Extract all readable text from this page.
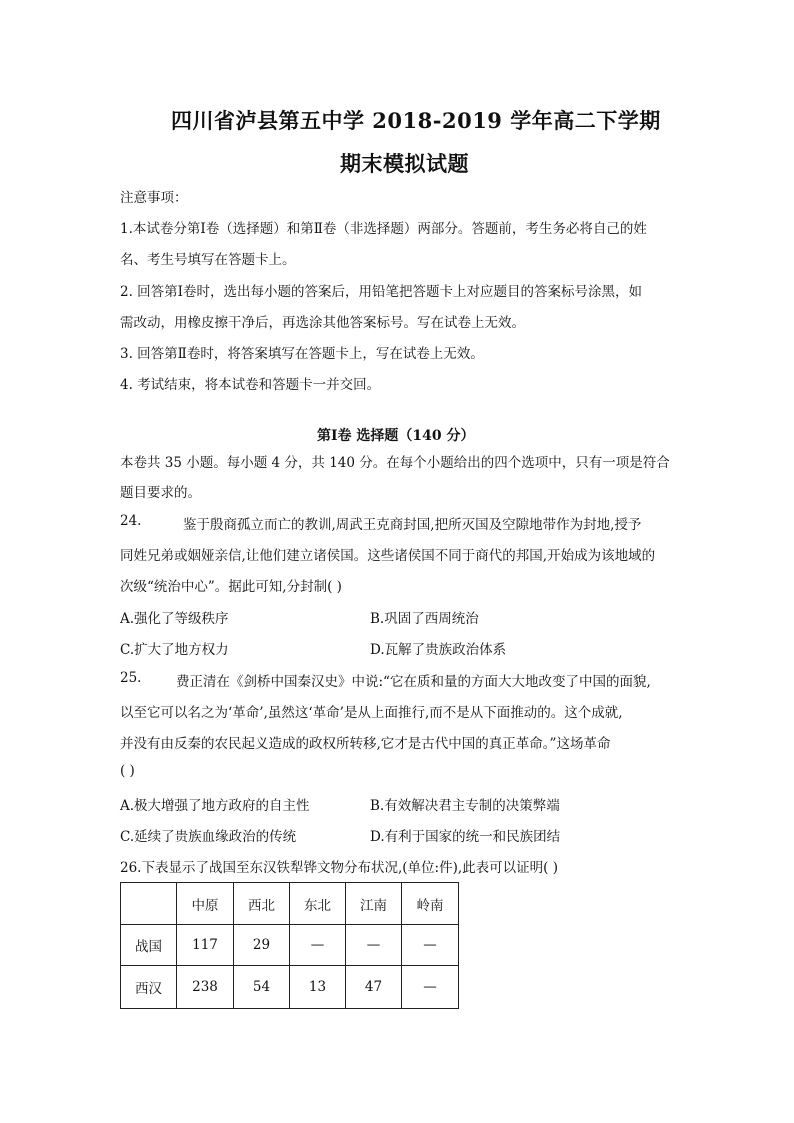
四川省泸县第五中学 2018-2019 学年高二下学期
期末模拟试题
注意事项：
1.本试卷分第Ⅰ卷（选择题）和第Ⅱ卷（非选择题）两部分。答题前，考生务必将自己的姓
名、考生号填写在答题卡上。
2. 回答第Ⅰ卷时，选出每小题的答案后，用铅笔把答题卡上对应题目的答案标号涂黑，如
需改动，用橡皮擦干净后，再选涂其他答案标号。写在试卷上无效。
3. 回答第Ⅱ卷时，将答案填写在答题卡上，写在试卷上无效。
4. 考试结束，将本试卷和答题卡一并交回。
第Ⅰ卷 选择题（140 分）
本卷共 35 小题。每小题 4 分，共 140 分。在每个小题给出的四个选项中，只有一项是符合
题目要求的。
24.	鉴于殷商孤立而亡的教训,周武王克商封国,把所灭国及空隙地带作为封地,授予
同姓兄弟或姻娅亲信,让他们建立诸侯国。这些诸侯国不同于商代的邦国,开始成为该地域的
次级“统治中心”。据此可知,分封制( )
A.强化了等级秩序	B.巩固了西周统治
C.扩大了地方权力	D.瓦解了贵族政治体系
25.	费正清在《剑桥中国秦汉史》中说:“它在质和量的方面大大地改变了中国的面貌,
以至它可以名之为‘革命’,虽然这‘革命’是从上面推行,而不是从下面推动的。这个成就,
并没有由反秦的农民起义造成的政权所转移,它才是古代中国的真正革命。”这场革命
( )
A.极大增强了地方政府的自主性	B.有效解决君主专制的决策弊端
C.延续了贵族血缘政治的传统	D.有利于国家的统一和民族团结
26.下表显示了战国至东汉铁犁铧文物分布状况,(单位:件),此表可以证明( )
	中原	西北	东北	江南	岭南
战国	117	29	—	—	—
西汉	238	54	13	47	—
